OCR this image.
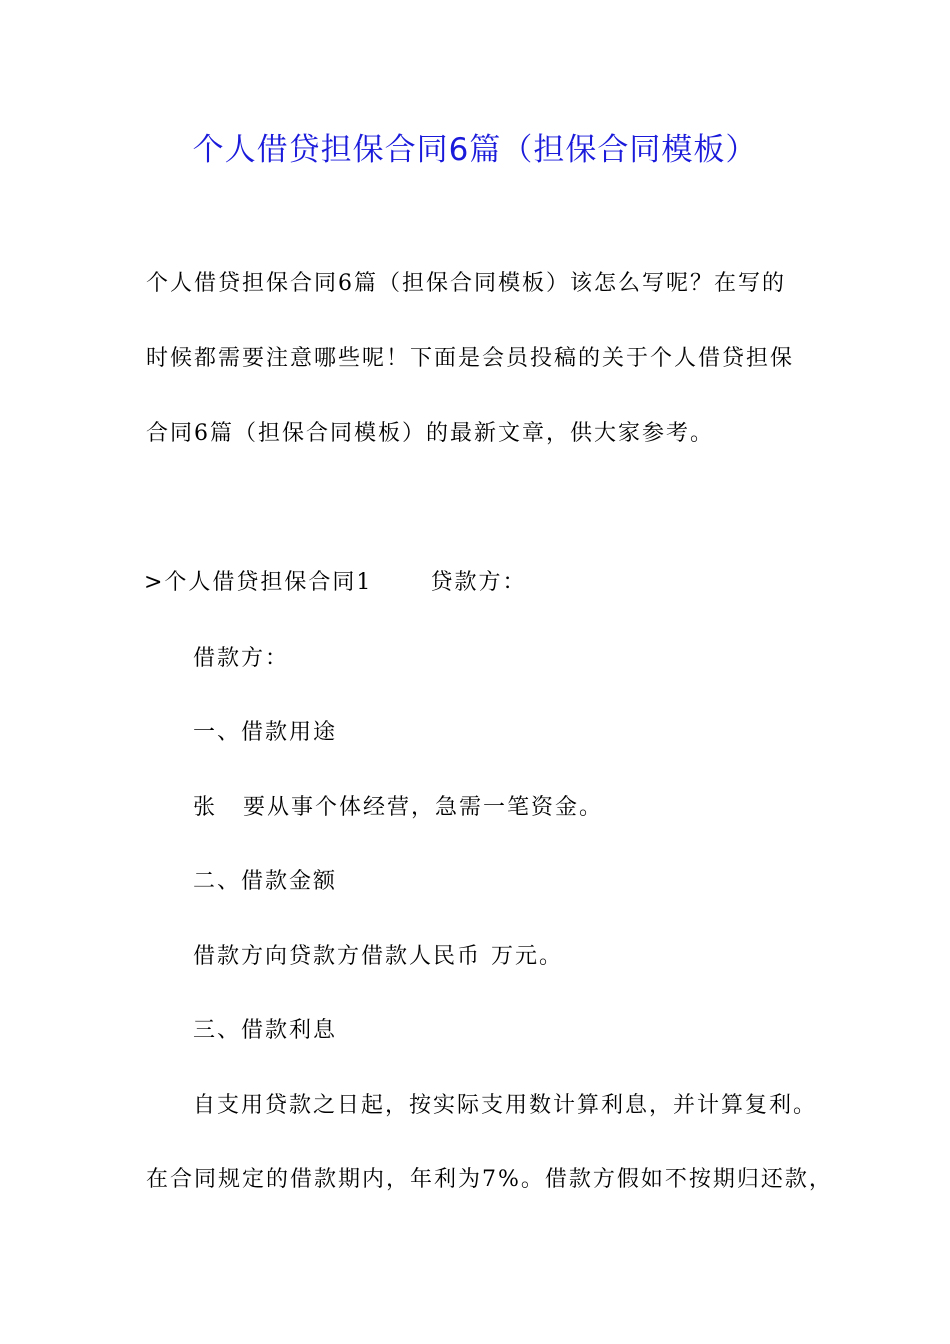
个人借贷担保合同6篇（担保合同模板）
个人借贷担保合同6篇（担保合同模板）该怎么写呢？在写的
时候都需要注意哪些呢！下面是会员投稿的关于个人借贷担保
合同6篇（担保合同模板）的最新文章，供大家参考。
>个人借贷担保合同1	贷款方：
借款方：
一、借款用途
张 要从事个体经营，急需一笔资金。
二、借款金额
借款方向贷款方借款人民币 万元。
三、借款利息
自支用贷款之日起，按实际支用数计算利息，并计算复利。
在合同规定的借款期内，年利为7%。借款方假如不按期归还款，
